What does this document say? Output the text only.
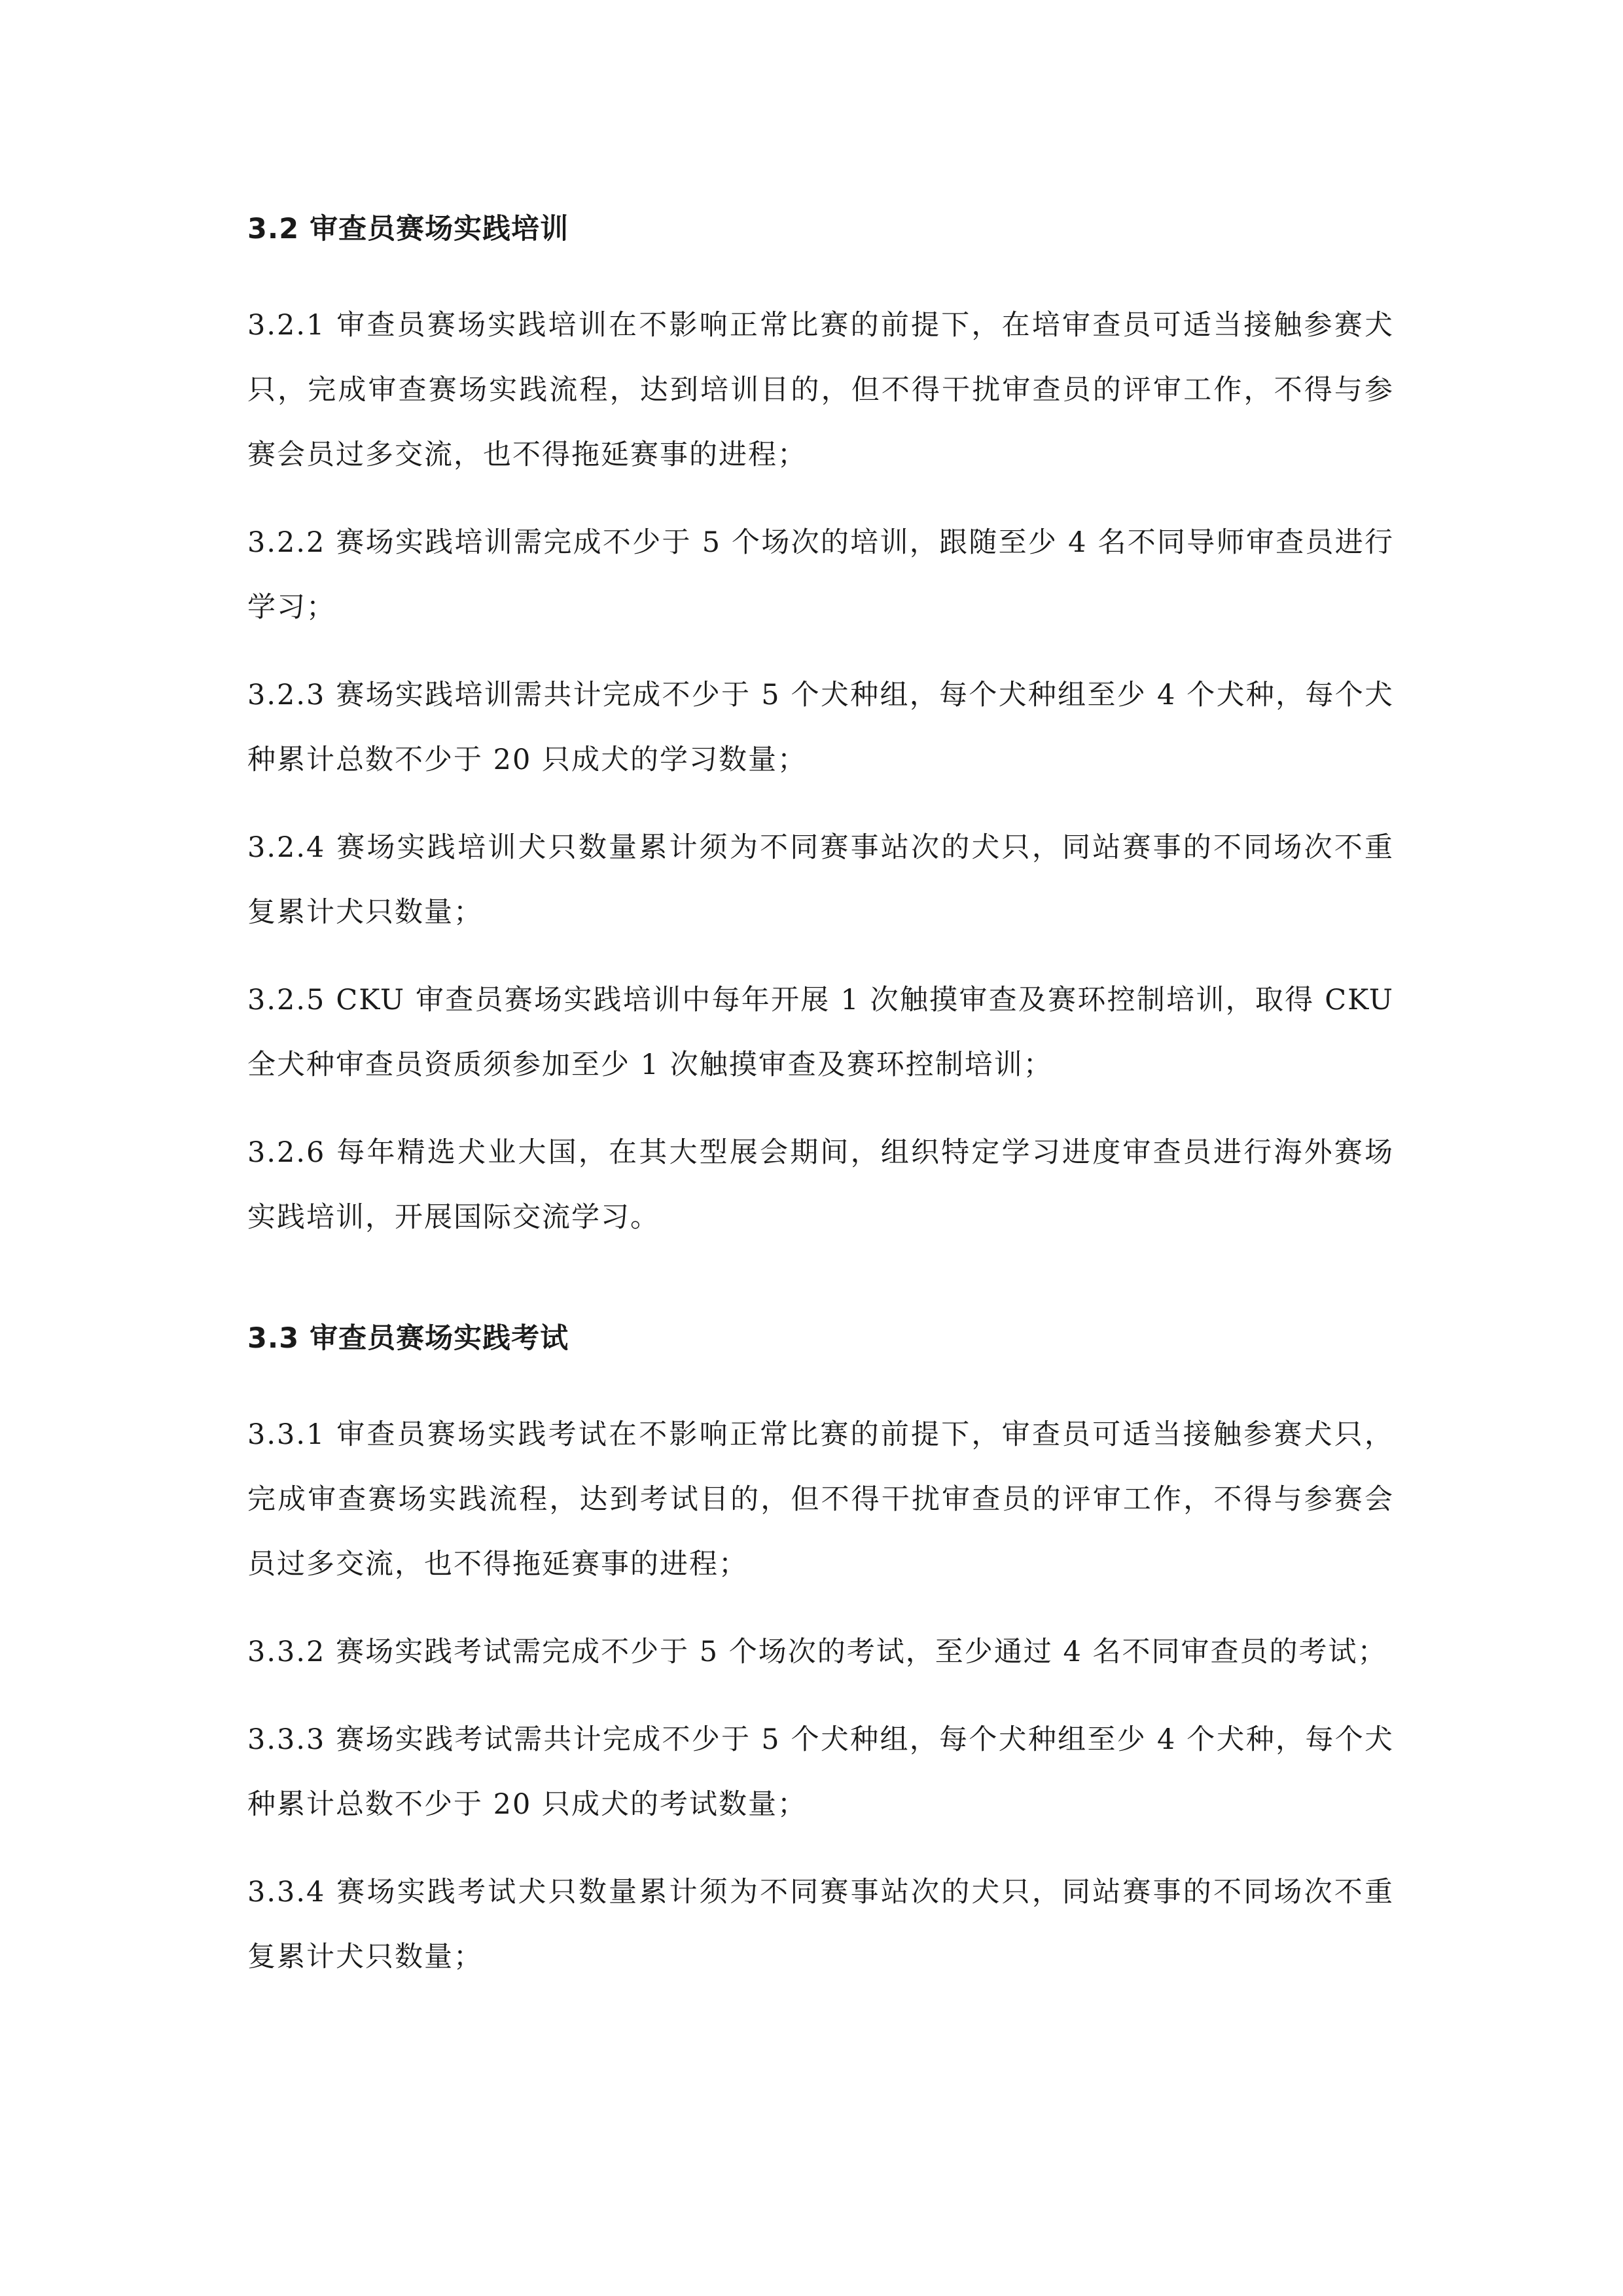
3.2 审查员赛场实践培训

3.2.1 审查员赛场实践培训在不影响正常比赛的前提下，在培审查员可适当接触参赛犬只，完成审查赛场实践流程，达到培训目的，但不得干扰审查员的评审工作，不得与参赛会员过多交流，也不得拖延赛事的进程；

3.2.2 赛场实践培训需完成不少于 5 个场次的培训，跟随至少 4 名不同导师审查员进行学习；

3.2.3 赛场实践培训需共计完成不少于 5 个犬种组，每个犬种组至少 4 个犬种，每个犬种累计总数不少于 20 只成犬的学习数量；

3.2.4 赛场实践培训犬只数量累计须为不同赛事站次的犬只，同站赛事的不同场次不重复累计犬只数量；

3.2.5 CKU 审查员赛场实践培训中每年开展 1 次触摸审查及赛环控制培训，取得 CKU 全犬种审查员资质须参加至少 1 次触摸审查及赛环控制培训；

3.2.6 每年精选犬业大国，在其大型展会期间，组织特定学习进度审查员进行海外赛场实践培训，开展国际交流学习。

3.3 审查员赛场实践考试

3.3.1 审查员赛场实践考试在不影响正常比赛的前提下，审查员可适当接触参赛犬只，完成审查赛场实践流程，达到考试目的，但不得干扰审查员的评审工作，不得与参赛会员过多交流，也不得拖延赛事的进程；

3.3.2 赛场实践考试需完成不少于 5 个场次的考试，至少通过 4 名不同审查员的考试；

3.3.3 赛场实践考试需共计完成不少于 5 个犬种组，每个犬种组至少 4 个犬种，每个犬种累计总数不少于 20 只成犬的考试数量；

3.3.4 赛场实践考试犬只数量累计须为不同赛事站次的犬只，同站赛事的不同场次不重复累计犬只数量；
